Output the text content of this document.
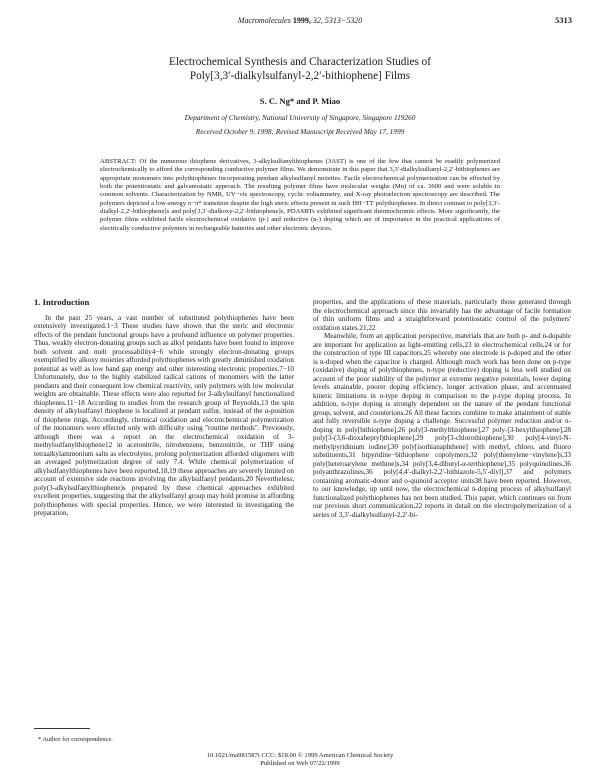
Macromolecules 1999, 32, 5313−5320	5313
Electrochemical Synthesis and Characterization Studies of
Poly[3,3′-dialkylsulfanyl-2,2′-bithiophene] Films
S. C. Ng* and P. Miao
Department of Chemistry, National University of Singapore, Singapore 119260
Received October 9, 1998; Revised Manuscript Received May 17, 1999

ABSTRACT: Of the numerous thiophene derivatives, 3-alkylsulfanylthiophenes (3AST) is one of the few that cannot be readily polymerized electrochemically to afford the corresponding conductive polymer films. We demonstrate in this paper that 3,3′-dialkylsulfanyl-2,2′-bithiophenes are appropriate monomers into polythiophenes incorporating pendant alkylsulfanyl moieties. Facile electrochemical polymerization can be effected by both the potentiostatic and galvanostatic approach. The resulting polymer films have molecular weighs (Mn) of ca. 3600 and were soluble in common solvents. Characterization by NMR, UV−vis spectroscopy, cyclic voltammetry, and X-ray photoelectron spectroscopy are described. The polymers depicted a low-energy π−π* transition despite the high steric effects present in such HH−TT polythiophenes. In direct contrast to poly[3,3′-dialkyl-2,2′-bithiophene]s and poly[3,3′-dialkoxy-2,2′-bithiophene]s, PDASBTs exhibited significant thermochromic effects. More significantly, the polymer films exhibited facile electrochemical oxidative (p-) and reductive (n-) doping which are of importance in the practical applications of electrically conductive polymers in rechargeable batteries and other electronic devices.

1. Introduction

In the past 25 years, a vast number of substituted polythiophenes have been extensively investigated.1−3 These studies have shown that the steric and electronic effects of the pendant functional groups have a profound influence on polymer properties. Thus, weakly electron-donating groups such as alkyl pendants have been found to improve both solvent and melt processability4−6 while strongly electron-donating groups exemplified by alkoxy moieties afforded polythiophenes with greatly diminished oxidation potential as well as low band gap energy and other interesting electronic properties.7−10 Unfortunately, due to the highly stabilized radical cations of monomers with the latter pendants and their consequent low chemical reactivity, only polymers with low molecular weights are obtainable. These effects were also reported for 3-alkylsulfanyl functionalized thiophenes.11−18 According to studies from the research group of Reynolds,13 the spin density of alkylsulfanyl thiophene is localized at pendant sulfur, instead of the α-position of thiophene rings. Accordingly, chemical oxidation and electrochemical polymerization of the monomers were effected only with difficulty using "routine methods". Previously, although there was a report on the electrochemical oxidation of 3-methylsulfanylthiophene12 in acetonitrile, nitrobenzene, benzonitrile, or THF using tetraalkylammonium salts as electrolytes, prolong polymerization afforded oligomers with an averaged polymerization degree of only 7.4. While chemical polymerization of alkylsulfanylthiophenes have been reported,18,19 these approaches are severely limited on account of extensive side reactions involving the alkylsulfanyl pendants.20 Nevertheless, poly(3-alkylsulfanylthiophene)s prepared by these chemical approaches exhibited excellent properties, suggesting that the alkylsulfanyl group may hold promise in affording polythiophenes with special properties. Hence, we were interested in investigating the preparation,

properties, and the applications of these materials, particularly those generated through the electrochemical approach since this invariably has the advantage of facile formation of thin uniform films and a straightforward potentiostatic control of the polymers' oxidation states.21,22

Meanwhile, from an application perspective, materials that are both p- and n-dopable are important for application as light-emitting cells,23 in electrochemical cells,24 or for the construction of type III capacitors,25 whereby one electrode is p-doped and the other is n-doped when the capacitor is charged. Although much work has been done on p-type (oxidative) doping of polythiophenes, n-type (reductive) doping is less well studied on account of the poor stability of the polymer at extreme negative potentials, lower doping levels attainable, poorer doping efficiency, longer activation phase, and accentuated kinetic limitations in n-type doping in comparison to the p-type doping process. In addition, n-type doping is strongly dependent on the nature of the pendant functional group, solvent, and counterions.26 All these factors combine to make attainment of stable and fully reversible n-type doping a challenge. Successful polymer reduction and/or n-doping in poly[bithiophene],26 poly[3-methylthiophene],27 poly-[3-hexylthiophene],28 poly[3-(3,6-dioxaheptyl)thiophene],29 poly[3-chlorothiophene],30 poly[4-vinyl-N-methylpyridinium iodine],30 poly[isothianaphthene] with methyl, chloro, and fluoro substituents,31 bipyridine−bithiophene copolymers,32 poly[thienylene−vinylene]s,33 poly[heteroarylene methine]s,34 poly[3,4-dibutyl-α-terthiophene],35 polyquinolines,36 polyanthrazolines,36 poly[4,4′-dialkyl-2,2′-bithiazole-5,5′-diyl],37 and polymers containing aromatic-donor and o-quinoid acceptor units38 have been reported. However, to our knowledge, up until now, the electrochemical n-doping process of alkylsulfanyl functionalized polythiophenes has not been studied. This paper, which continues on from our previous short communication,22 reports in detail on the electropolymerization of a series of 3,3′-dialkylsulfanyl-2,2′-bi-

* Author for correspondence.
10.1021/ma981587t CCC: $18.00 © 1999 American Chemical Society
Published on Web 07/22/1999
